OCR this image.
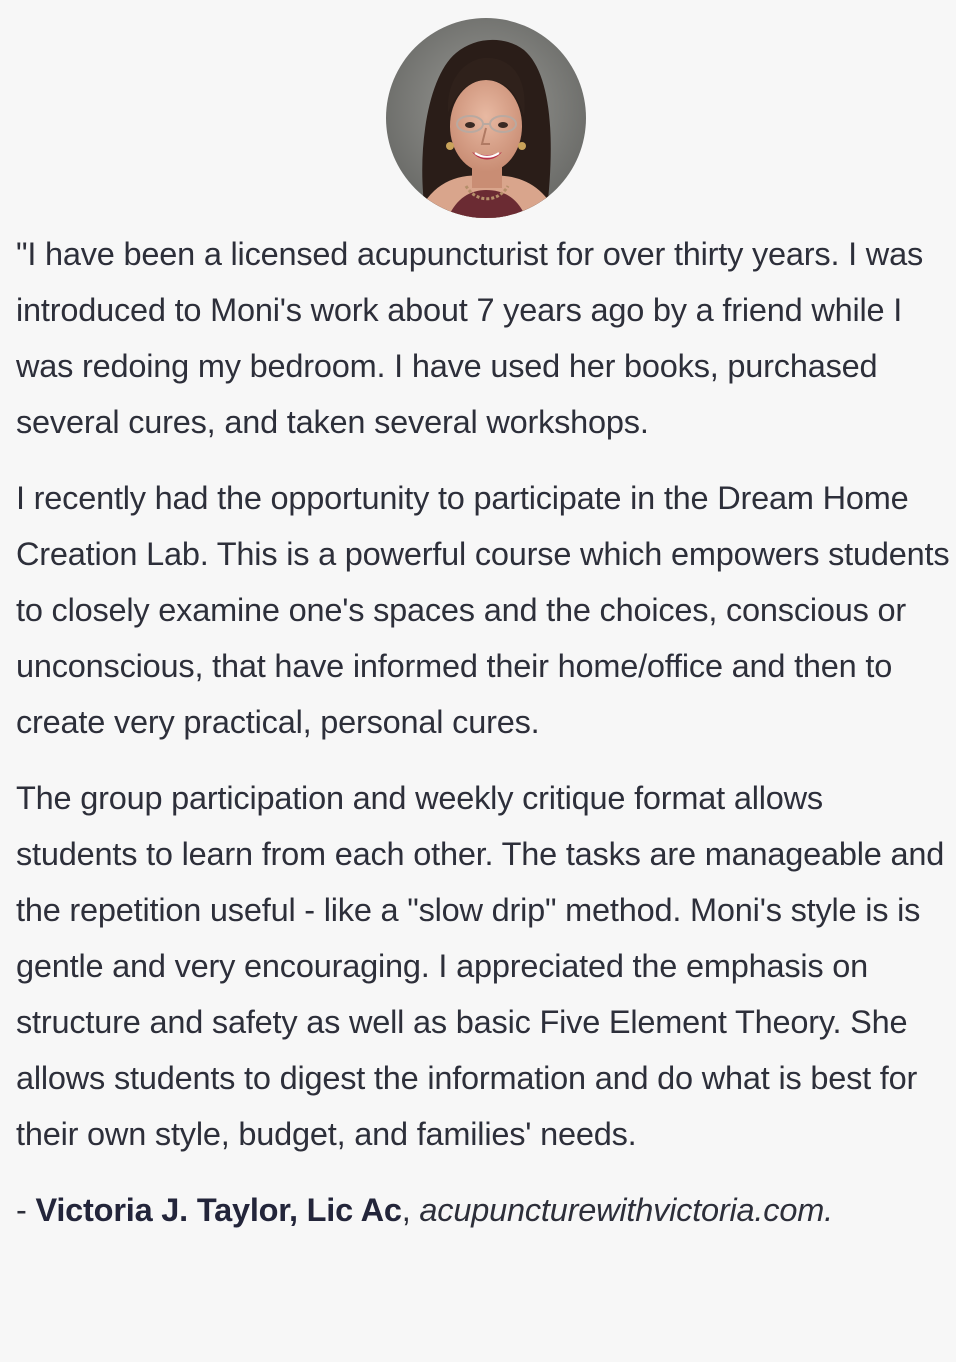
"I have been a licensed acupuncturist for over thirty years. I was introduced to Moni's work about 7 years ago by a friend while I was redoing my bedroom. I have used her books, purchased several cures, and taken several workshops.

I recently had the opportunity to participate in the Dream Home Creation Lab. This is a powerful course which empowers students to closely examine one's spaces and the choices, conscious or unconscious, that have informed their home/office and then to create very practical, personal cures.

The group participation and weekly critique format allows students to learn from each other. The tasks are manageable and the repetition useful - like a "slow drip" method. Moni's style is is gentle and very encouraging. I appreciated the emphasis on structure and safety as well as basic Five Element Theory. She allows students to digest the information and do what is best for their own style, budget, and families' needs.

- Victoria J. Taylor, Lic Ac, acupuncturewithvictoria.com.
